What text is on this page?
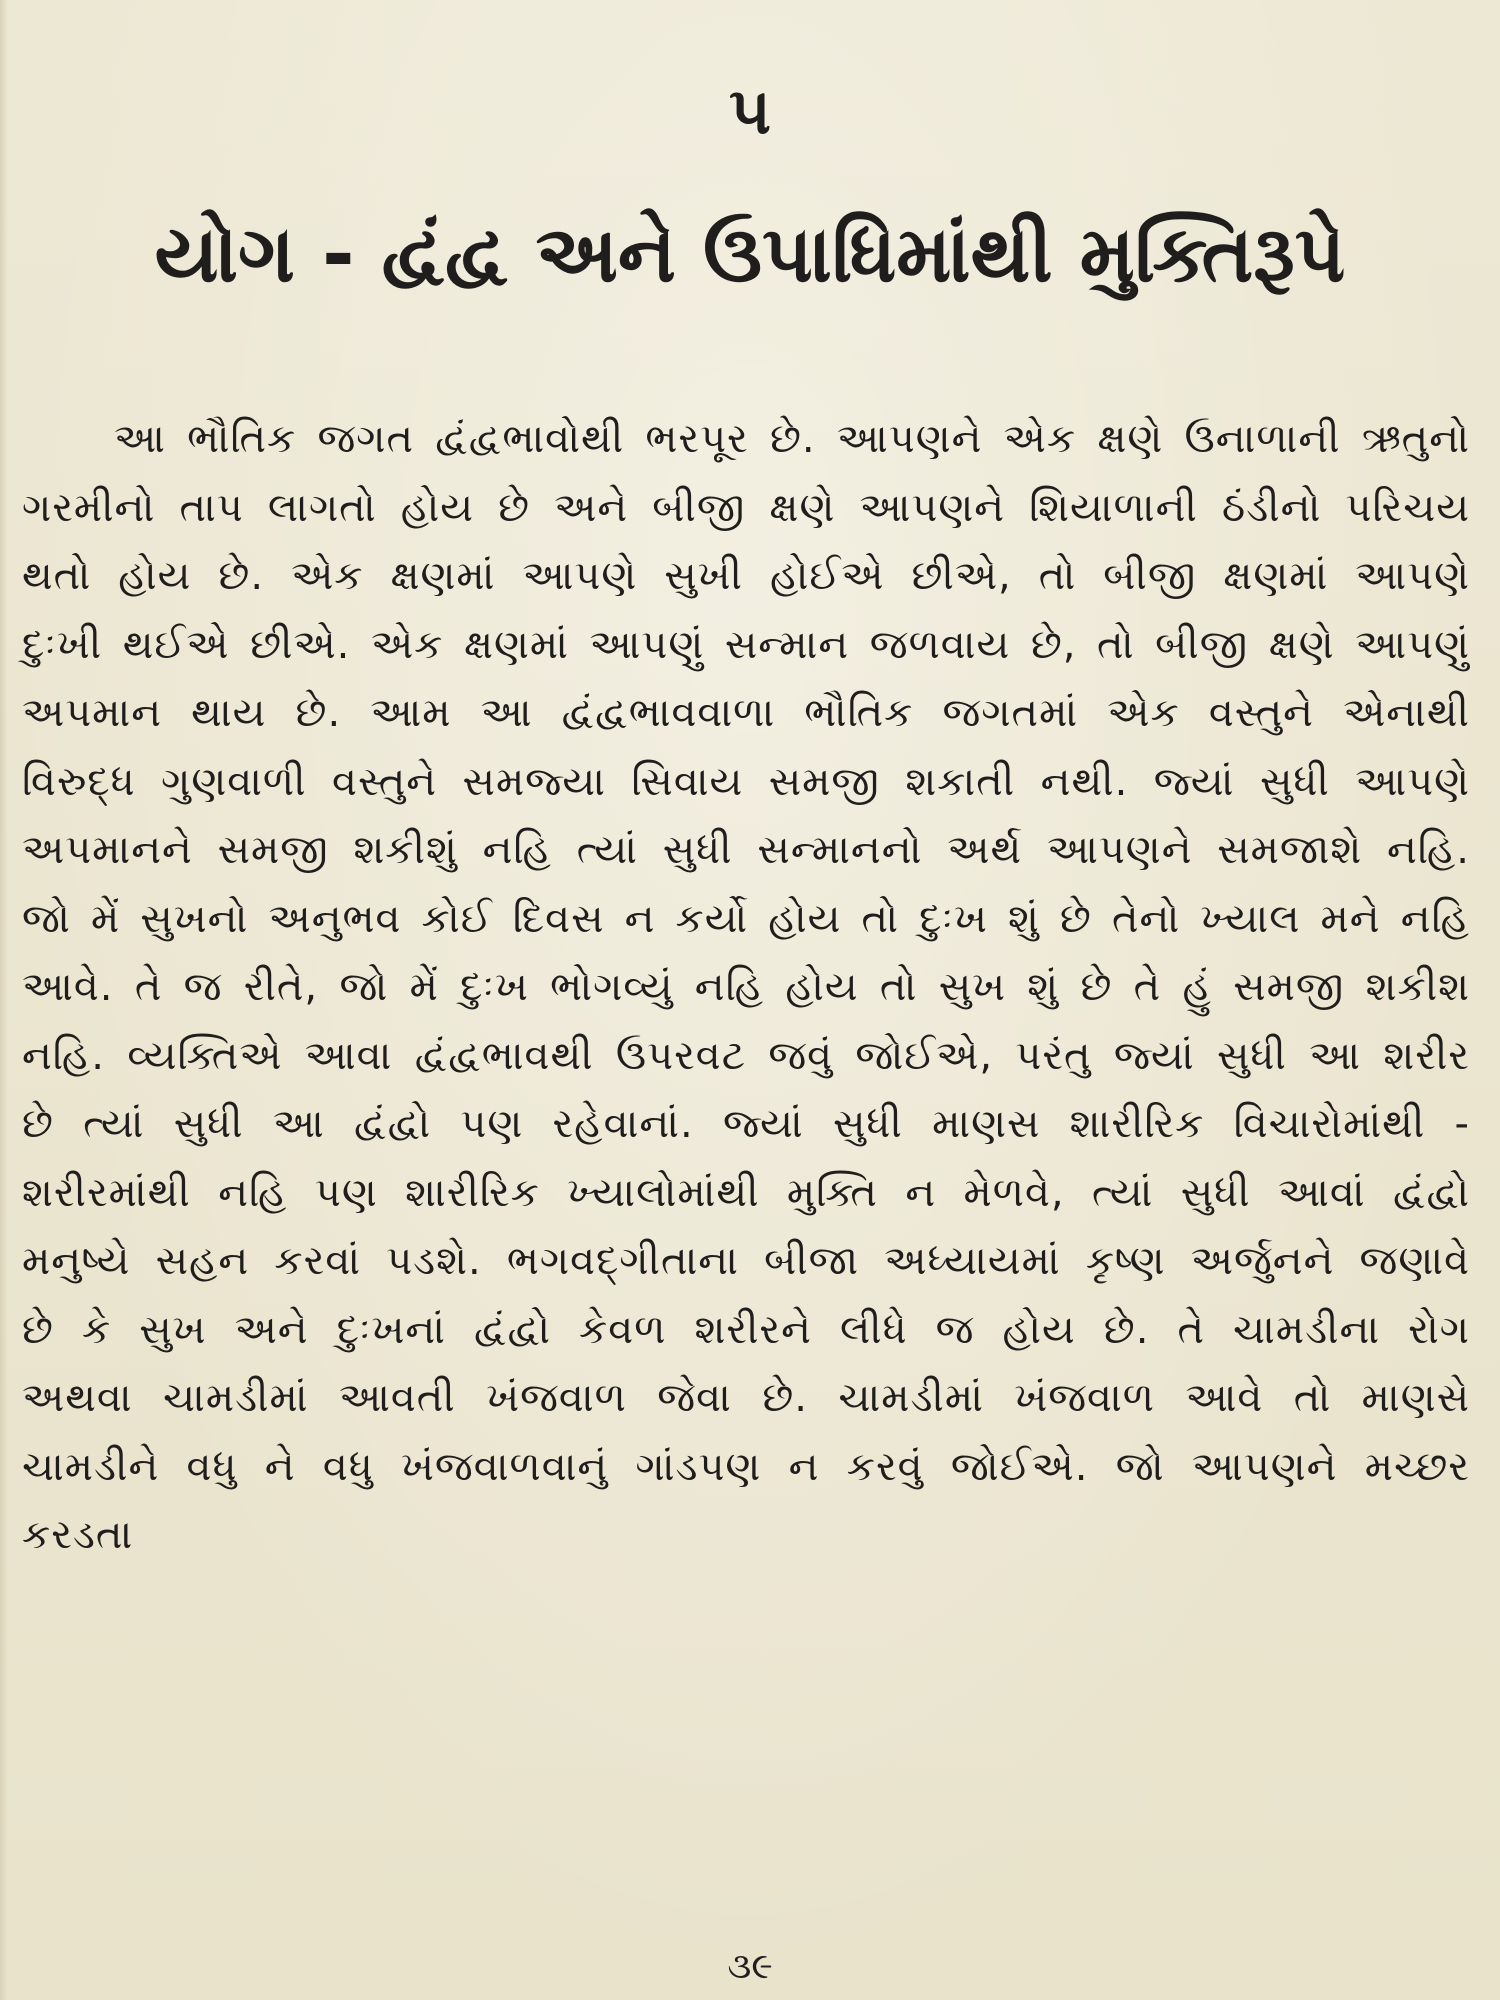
૫
યોગ - દ્વંદ્વ અને ઉપાધિમાંથી મુક્તિરૂપે
આ ભૌતિક જગત દ્વંદ્વભાવોથી ભરપૂર છે. આપણને એક ક્ષણે ઉનાળાની ઋતુનો ગરમીનો તાપ લાગતો હોય છે અને બીજી ક્ષણે આપણને શિયાળાની ઠંડીનો પરિચય થતો હોય છે. એક ક્ષણમાં આપણે સુખી હોઈએ છીએ, તો બીજી ક્ષણમાં આપણે દુઃખી થઈએ છીએ. એક ક્ષણમાં આપણું સન્માન જળવાય છે, તો બીજી ક્ષણે આપણું અપમાન થાય છે. આમ આ દ્વંદ્વભાવવાળા ભૌતિક જગતમાં એક વસ્તુને એનાથી વિરુદ્ધ ગુણવાળી વસ્તુને સમજ્યા સિવાય સમજી શકાતી નથી. જ્યાં સુધી આપણે અપમાનને સમજી શકીશું નહિ ત્યાં સુધી સન્માનનો અર્થ આપણને સમજાશે નહિ. જો મેં સુખનો અનુભવ કોઈ દિવસ ન કર્યો હોય તો દુઃખ શું છે તેનો ખ્યાલ મને નહિ આવે. તે જ રીતે, જો મેં દુઃખ ભોગવ્યું નહિ હોય તો સુખ શું છે તે હું સમજી શકીશ નહિ. વ્યક્તિએ આવા દ્વંદ્વભાવથી ઉપરવટ જવું જોઈએ, પરંતુ જ્યાં સુધી આ શરીર છે ત્યાં સુધી આ દ્વંદ્વો પણ રહેવાનાં. જ્યાં સુધી માણસ શારીરિક વિચારોમાંથી - શરીરમાંથી નહિ પણ શારીરિક ખ્યાલોમાંથી મુક્તિ ન મેળવે, ત્યાં સુધી આવાં દ્વંદ્વો મનુષ્યે સહન કરવાં પડશે. ભગવદ્ગીતાના બીજા અધ્યાયમાં કૃષ્ણ અર્જુનને જણાવે છે કે સુખ અને દુઃખનાં દ્વંદ્વો કેવળ શરીરને લીધે જ હોય છે. તે ચામડીના રોગ અથવા ચામડીમાં આવતી ખંજવાળ જેવા છે. ચામડીમાં ખંજવાળ આવે તો માણસે ચામડીને વધુ ને વધુ ખંજવાળવાનું ગાંડપણ ન કરવું જોઈએ. જો આપણને મચ્છર કરડતા
૩૯
